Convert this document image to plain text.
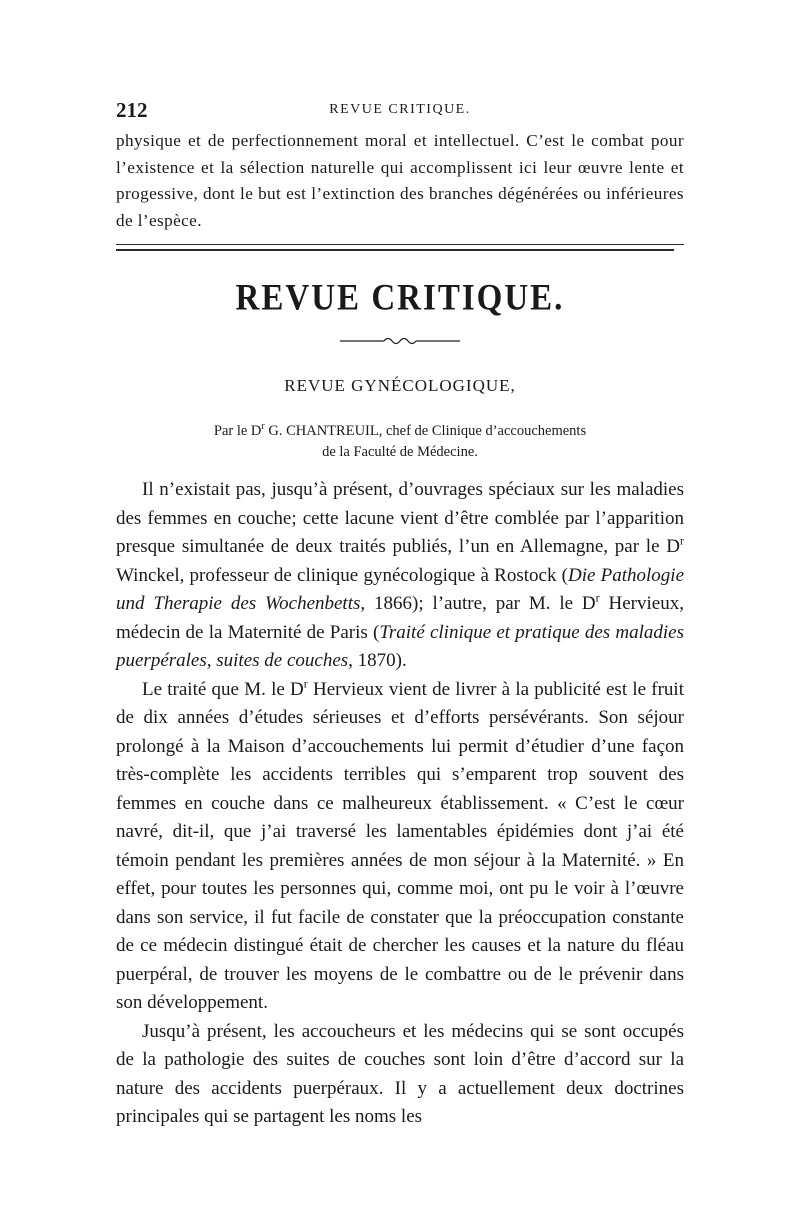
212	REVUE CRITIQUE.

physique et de perfectionnement moral et intellectuel. C’est le combat pour l’existence et la sélection naturelle qui accomplissent ici leur œuvre lente et progessive, dont le but est l’extinction des branches dégénérées ou inférieures de l’espèce.

REVUE CRITIQUE.
REVUE GYNÉCOLOGIQUE,
Par le $D^r$ G. CHANTREUIL, chef de Clinique d’accouchements
de la Faculté de Médecine.

Il n’existait pas, jusqu’à présent, d’ouvrages spéciaux sur les maladies des femmes en couche; cette lacune vient d’être comblée par l’apparition presque simultanée de deux traités publiés, l’un en Allemagne, par le $D^r$ Winckel, professeur de clinique gynécologique à Rostock (Die Pathologie und Therapie des Wochenbetts, 1866); l’autre, par M. le $D^r$ Hervieux, médecin de la Maternité de Paris (Traité clinique et pratique des maladies puerpérales, suites de couches, 1870).

Le traité que M. le $D^r$ Hervieux vient de livrer à la publicité est le fruit de dix années d’études sérieuses et d’efforts persévérants. Son séjour prolongé à la Maison d’accouchements lui permit d’étudier d’une façon très-complète les accidents terribles qui s’emparent trop souvent des femmes en couche dans ce malheureux établissement. « C’est le cœur navré, dit-il, que j’ai traversé les lamentables épidémies dont j’ai été témoin pendant les premières années de mon séjour à la Maternité. » En effet, pour toutes les personnes qui, comme moi, ont pu le voir à l’œuvre dans son service, il fut facile de constater que la préoccupation constante de ce médecin distingué était de chercher les causes et la nature du fléau puerpéral, de trouver les moyens de le combattre ou de le prévenir dans son développement.

Jusqu’à présent, les accoucheurs et les médecins qui se sont occupés de la pathologie des suites de couches sont loin d’être d’accord sur la nature des accidents puerpéraux. Il y a actuellement deux doctrines principales qui se partagent les noms les
